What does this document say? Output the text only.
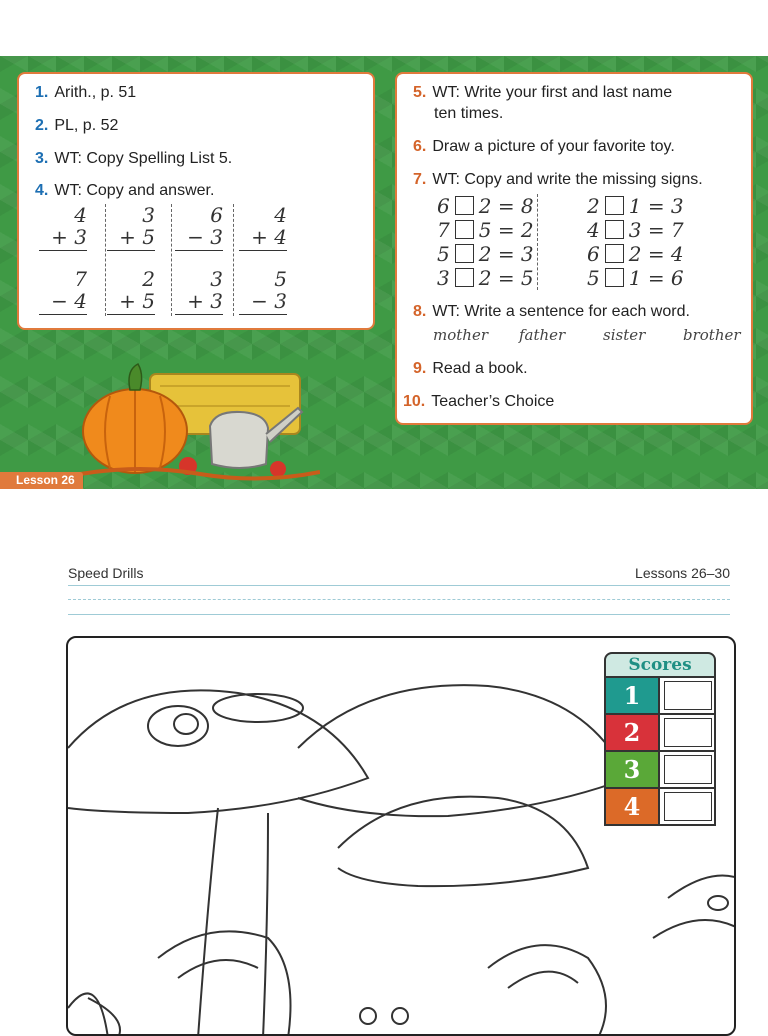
1. Arith., p. 51
2. PL, p. 52
3. WT: Copy Spelling List 5.
4. WT: Copy and answer.
4
+ 3
3
+ 5
6
− 3
4
+ 4
7
− 4
2
+ 5
3
+ 3
5
− 3
5. WT: Write your first and last name
ten times.
6. Draw a picture of your favorite toy.
7. WT: Copy and write the missing signs.
6 2 = 8	2 1 = 3
7 5 = 2	4 3 = 7
5 2 = 3	6 2 = 4
3 2 = 5	5 1 = 6
8. WT: Write a sentence for each word.
mother father	sister	brother
9. Read a book.
10. Teacher’s Choice
Lesson 26
Speed Drills	Lessons 26–30
Scores
1
2
3
4
